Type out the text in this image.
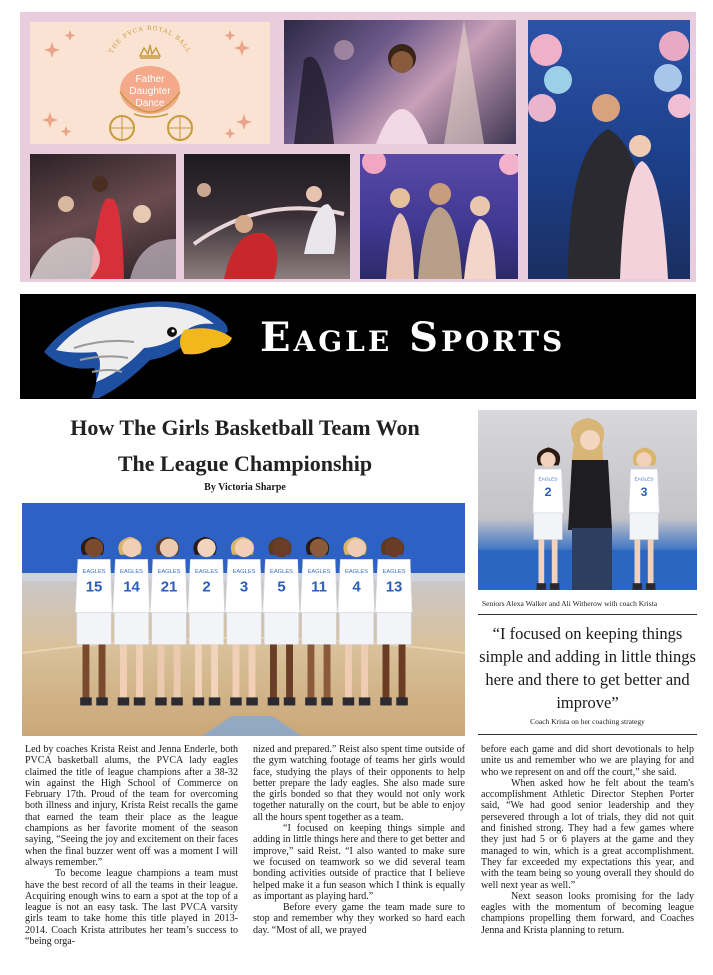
THE PVCA ROYAL BALL
Father
Daughter
Dance
Eagle Sports
How The Girls Basketball Team Won
The League Championship
By Victoria Sharpe
EAGLES
15
EAGLES
14
EAGLES
21
EAGLES
2
EAGLES
3
EAGLES
5
EAGLES
11
EAGLES
4
EAGLES
13
EAGLES
2
EAGLES
3
Seniors Alexa Walker and Ali Witherow with coach Krista
“I focused on keeping things simple and adding in little things here and there to get better and improve”
Coach Krista on her coaching strategy

Led by coaches Krista Reist and Jenna Enderle, both PVCA basketball alums, the PVCA lady eagles claimed the title of league champions after a 38-32 win against the High School of Commerce on February 17th. Proud of the team for overcoming both illness and injury, Krista Reist recalls the game that earned the team their place as the league champions as her favorite moment of the season saying, “Seeing the joy and excitement on their faces when the final buzzer went off was a moment I will always remember.”

To become league champions a team must have the best record of all the teams in their league. Acquiring enough wins to earn a spot at the top of a league is not an easy task. The last PVCA varsity girls team to take home this title played in 2013-2014. Coach Krista attributes her team’s success to “being orga-

nized and prepared.” Reist also spent time outside of the gym watching footage of teams her girls would face, studying the plays of their opponents to help better prepare the lady eagles. She also made sure the girls bonded so that they would not only work together naturally on the court, but be able to enjoy all the hours spent together as a team.

“I focused on keeping things simple and adding in little things here and there to get better and improve,” said Reist. “I also wanted to make sure we focused on teamwork so we did several team bonding activities outside of practice that I believe helped make it a fun season which I think is equally as important as playing hard.”

Before every game the team made sure to stop and remember why they worked so hard each day. “Most of all, we prayed

before each game and did short devotionals to help unite us and remember who we are playing for and who we represent on and off the court,” she said.

When asked how he felt about the team's accomplishment Athletic Director Stephen Porter said, “We had good senior leadership and they persevered through a lot of trials, they did not quit and finished strong. They had a few games where they just had 5 or 6 players at the game and they managed to win, which is a great accomplishment. They far exceeded my expectations this year, and with the team being so young overall they should do well next year as well.”

Next season looks promising for the lady eagles with the momentum of becoming league champions propelling them forward, and Coaches Jenna and Krista planning to return.
